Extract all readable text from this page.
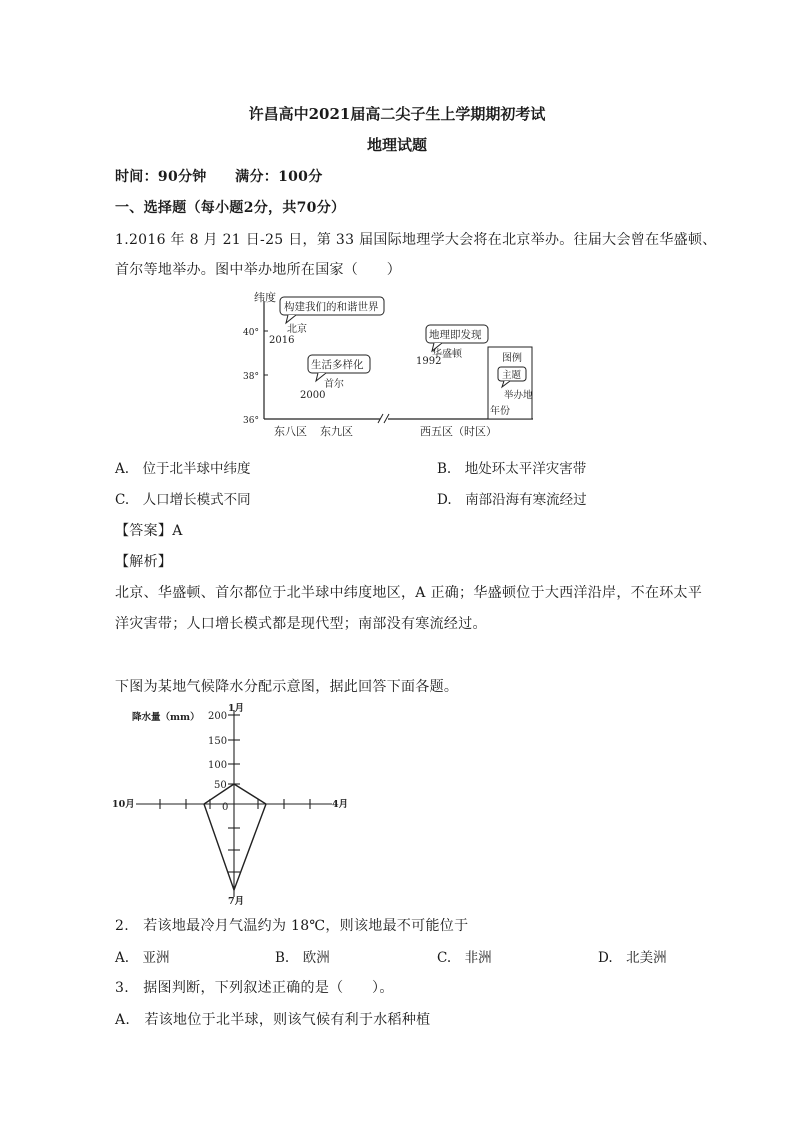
许昌高中2021届高二尖子生上学期期初考试
地理试题
时间：90分钟　　满分：100分
一、选择题（每小题2分，共70分）
1.2016 年 8 月 21 日-25 日，第 33 届国际地理学大会将在北京举办。往届大会曾在华盛顿、
首尔等地举办。图中举办地所在国家（　　）
纬度
40°
38°
36°
东八区 东九区	西五区（时区）
构建我们的和谐世界
北京
2016
生活多样化
首尔
2000
地理即发现
华盛顿
1992	图例
主题
举办地
年份
A.　位于北半球中纬度	B.　地处环太平洋灾害带
C.　人口增长模式不同	D.　南部沿海有寒流经过
【答案】A
【解析】
北京、华盛顿、首尔都位于北半球中纬度地区，A 正确；华盛顿位于大西洋沿岸，不在环太平
洋灾害带；人口增长模式都是现代型；南部没有寒流经过。
下图为某地气候降水分配示意图，据此回答下面各题。
降水量（mm） 200
150
100
50
0
1月
4月
7月
10月
2.　若该地最冷月气温约为 18℃，则该地最不可能位于
A.　亚洲	B.　欧洲	C.　非洲	D.　北美洲
3.　据图判断，下列叙述正确的是（　　）。
A.　若该地位于北半球，则该气候有利于水稻种植
